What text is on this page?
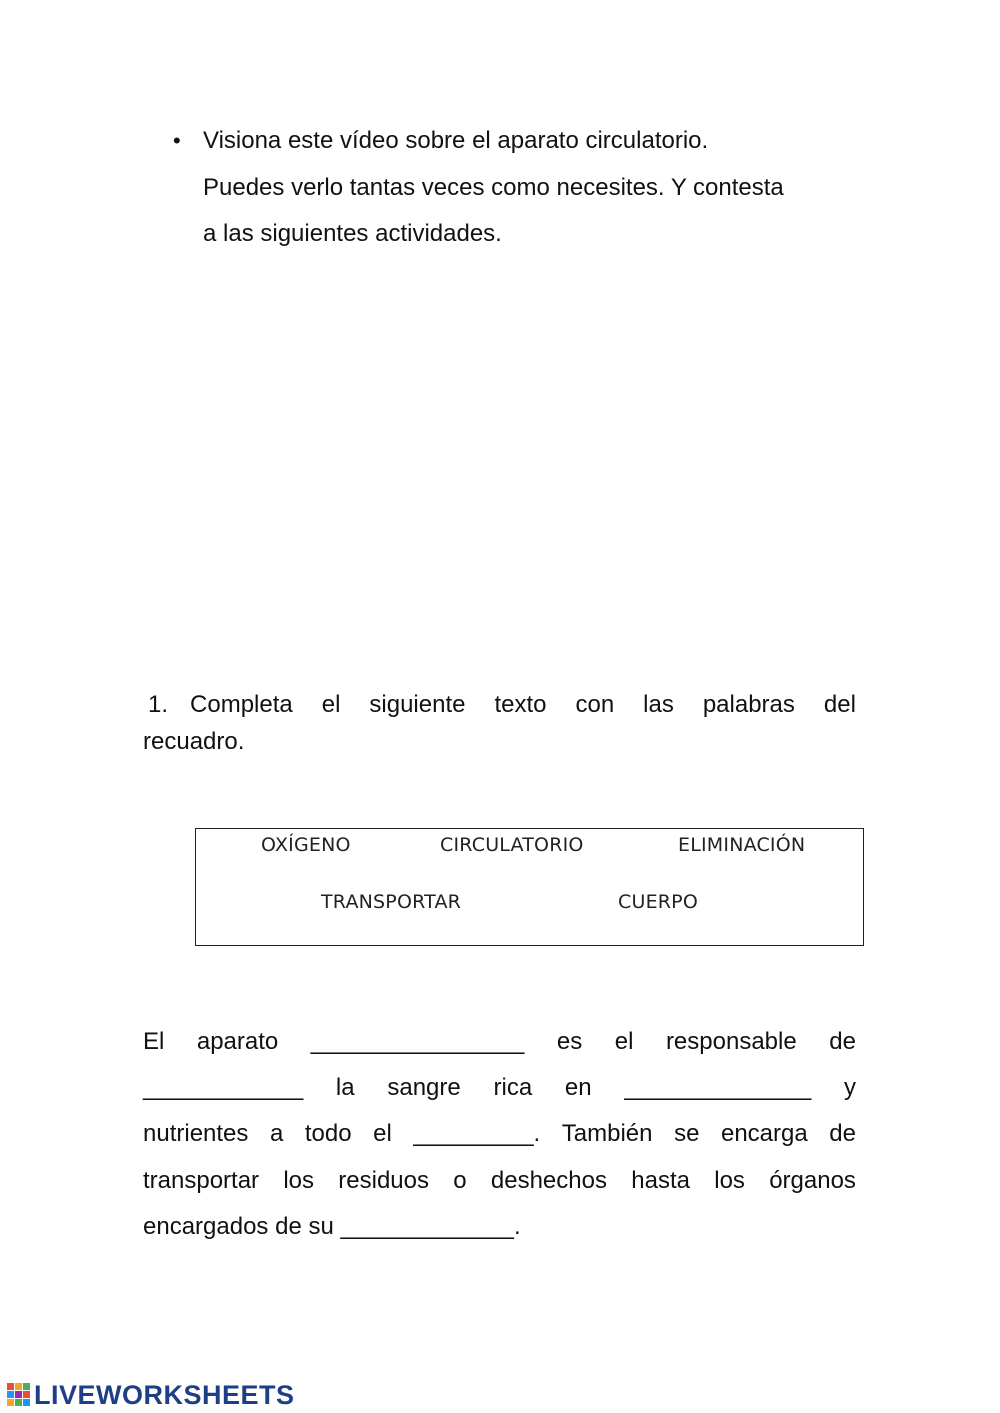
• Visiona este vídeo sobre el aparato circulatorio.
Puedes verlo tantas veces como necesites. Y contesta
a las siguientes actividades.
1. Completa el siguiente texto con las palabras del
recuadro.
OXÍGENO	CIRCULATORIO	ELIMINACIÓN
TRANSPORTAR	CUERPO
El aparato ________________ es el responsable de
____________ la sangre rica en ______________ y
nutrientes a todo el _________. También se encarga de
transportar los residuos o deshechos hasta los órganos
encargados de su _____________.
LIVEWORKSHEETS
